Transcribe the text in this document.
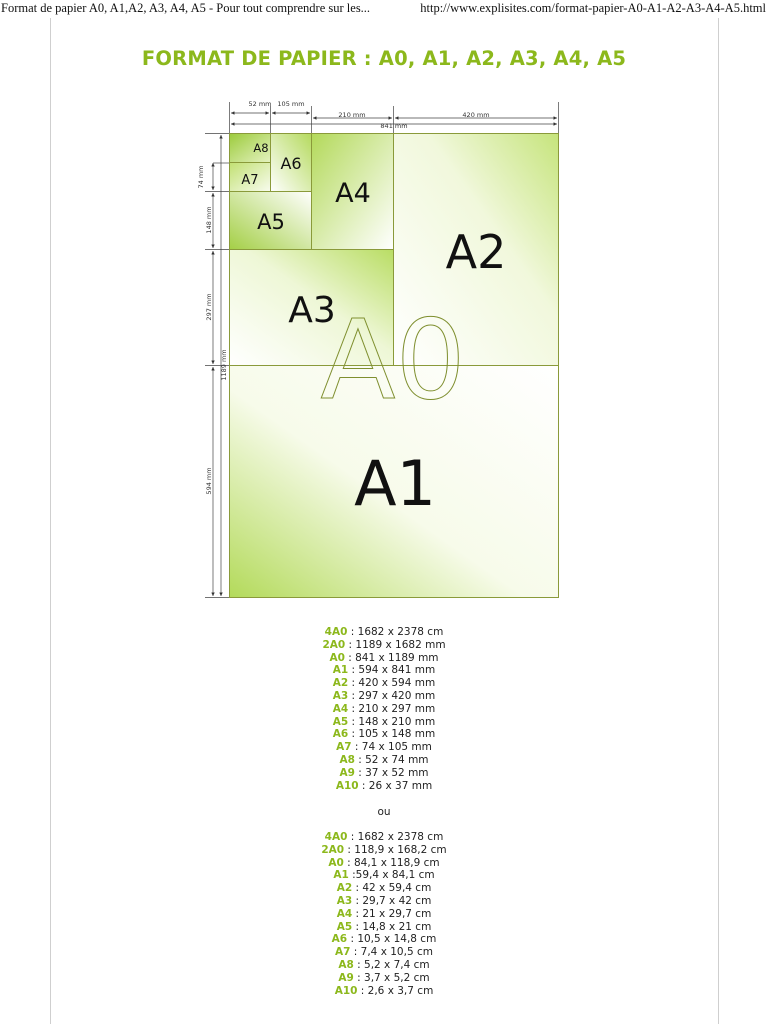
Format de papier A0, A1,A2, A3, A4, A5 - Pour tout comprendre sur les...	http://www.explisites.com/format-papier-A0-A1-A2-A3-A4-A5.html
FORMAT DE PAPIER : A0, A1, A2, A3, A4, A5
A1
A2
A3
A4
A5
A6
A7
A8
A0
52 mm 105 mm
210 mm	420 mm
841 mm
74 mm
148 mm
297 mm
1189 mm
594 mm
4A0 : 1682 x 2378 cm
2A0 : 1189 x 1682 mm
A0 : 841 x 1189 mm
A1 : 594 x 841 mm
A2 : 420 x 594 mm
A3 : 297 x 420 mm
A4 : 210 x 297 mm
A5 : 148 x 210 mm
A6 : 105 x 148 mm
A7 : 74 x 105 mm
A8 : 52 x 74 mm
A9 : 37 x 52 mm
A10 : 26 x 37 mm
ou
4A0 : 1682 x 2378 cm
2A0 : 118,9 x 168,2 cm
A0 : 84,1 x 118,9 cm
A1 :59,4 x 84,1 cm
A2 : 42 x 59,4 cm
A3 : 29,7 x 42 cm
A4 : 21 x 29,7 cm
A5 : 14,8 x 21 cm
A6 : 10,5 x 14,8 cm
A7 : 7,4 x 10,5 cm
A8 : 5,2 x 7,4 cm
A9 : 3,7 x 5,2 cm
A10 : 2,6 x 3,7 cm
